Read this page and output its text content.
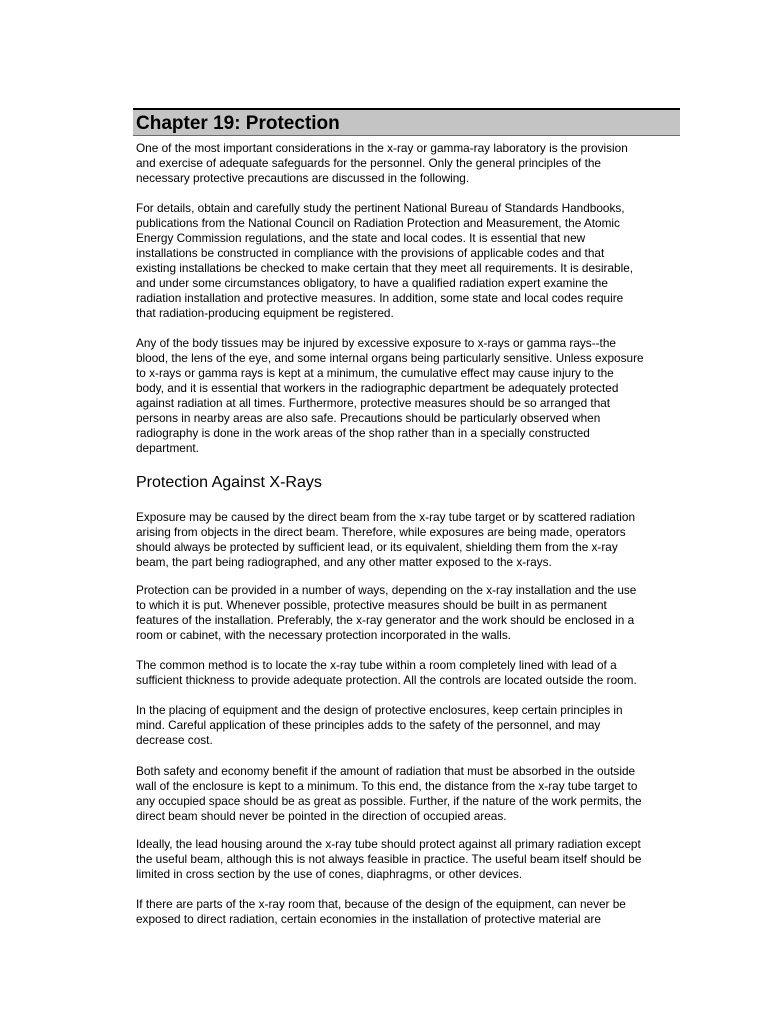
Chapter 19: Protection
One of the most important considerations in the x-ray or gamma-ray laboratory is the provision
and exercise of adequate safeguards for the personnel. Only the general principles of the
necessary protective precautions are discussed in the following.
For details, obtain and carefully study the pertinent National Bureau of Standards Handbooks,
publications from the National Council on Radiation Protection and Measurement, the Atomic
Energy Commission regulations, and the state and local codes. It is essential that new
installations be constructed in compliance with the provisions of applicable codes and that
existing installations be checked to make certain that they meet all requirements. It is desirable,
and under some circumstances obligatory, to have a qualified radiation expert examine the
radiation installation and protective measures. In addition, some state and local codes require
that radiation-producing equipment be registered.
Any of the body tissues may be injured by excessive exposure to x-rays or gamma rays--the
blood, the lens of the eye, and some internal organs being particularly sensitive. Unless exposure
to x-rays or gamma rays is kept at a minimum, the cumulative effect may cause injury to the
body, and it is essential that workers in the radiographic department be adequately protected
against radiation at all times. Furthermore, protective measures should be so arranged that
persons in nearby areas are also safe. Precautions should be particularly observed when
radiography is done in the work areas of the shop rather than in a specially constructed
department.
Protection Against X-Rays
Exposure may be caused by the direct beam from the x-ray tube target or by scattered radiation
arising from objects in the direct beam. Therefore, while exposures are being made, operators
should always be protected by sufficient lead, or its equivalent, shielding them from the x-ray
beam, the part being radiographed, and any other matter exposed to the x-rays.
Protection can be provided in a number of ways, depending on the x-ray installation and the use
to which it is put. Whenever possible, protective measures should be built in as permanent
features of the installation. Preferably, the x-ray generator and the work should be enclosed in a
room or cabinet, with the necessary protection incorporated in the walls.
The common method is to locate the x-ray tube within a room completely lined with lead of a
sufficient thickness to provide adequate protection. All the controls are located outside the room.
In the placing of equipment and the design of protective enclosures, keep certain principles in
mind. Careful application of these principles adds to the safety of the personnel, and may
decrease cost.
Both safety and economy benefit if the amount of radiation that must be absorbed in the outside
wall of the enclosure is kept to a minimum. To this end, the distance from the x-ray tube target to
any occupied space should be as great as possible. Further, if the nature of the work permits, the
direct beam should never be pointed in the direction of occupied areas.
Ideally, the lead housing around the x-ray tube should protect against all primary radiation except
the useful beam, although this is not always feasible in practice. The useful beam itself should be
limited in cross section by the use of cones, diaphragms, or other devices.
If there are parts of the x-ray room that, because of the design of the equipment, can never be
exposed to direct radiation, certain economies in the installation of protective material are
